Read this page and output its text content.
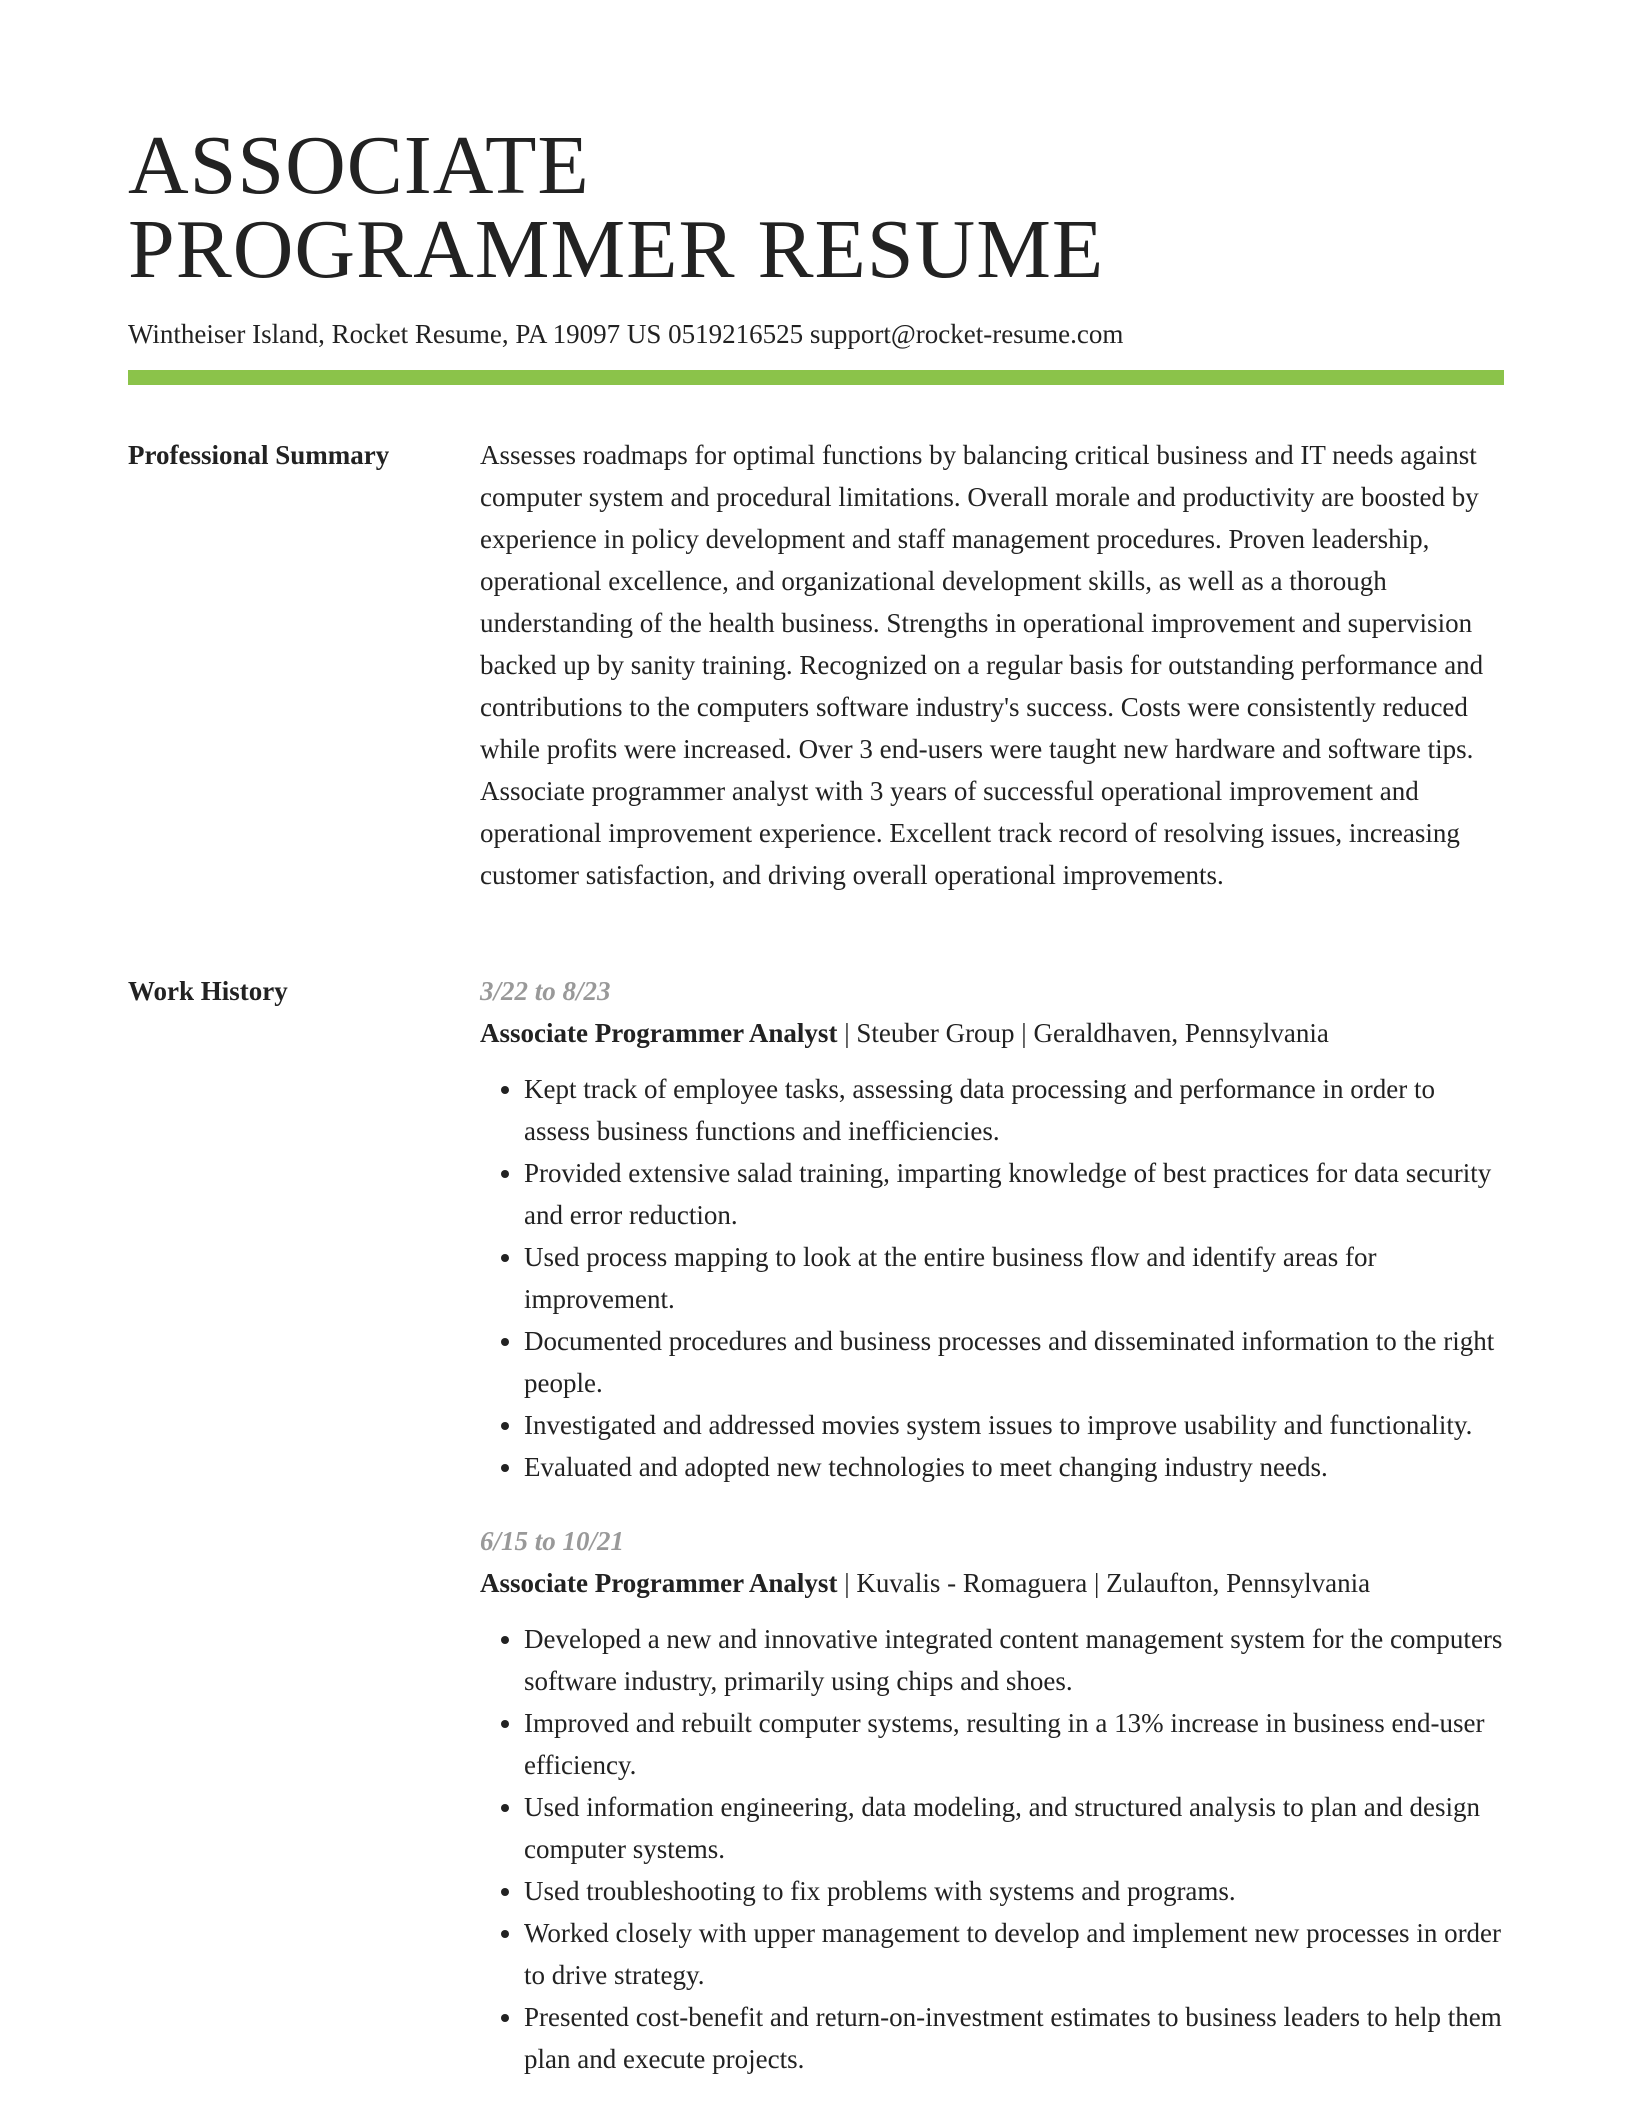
ASSOCIATE
PROGRAMMER RESUME
Wintheiser Island, Rocket Resume, PA 19097 US 0519216525 support@rocket-resume.com
Professional Summary	Assesses roadmaps for optimal functions by balancing critical business and IT needs against computer system and procedural limitations. Overall morale and productivity are boosted by experience in policy development and staff management procedures. Proven leadership, operational excellence, and organizational development skills, as well as a thorough understanding of the health business. Strengths in operational improvement and supervision backed up by sanity training. Recognized on a regular basis for outstanding performance and contributions to the computers software industry's success. Costs were consistently reduced while profits were increased. Over 3 end-users were taught new hardware and software tips. Associate programmer analyst with 3 years of successful operational improvement and operational improvement experience. Excellent track record of resolving issues, increasing customer satisfaction, and driving overall operational improvements.

Work History	3/22 to 8/23
Associate Programmer Analyst | Steuber Group | Geraldhaven, Pennsylvania
• Kept track of employee tasks, assessing data processing and performance in order to assess business functions and inefficiencies.
• Provided extensive salad training, imparting knowledge of best practices for data security and error reduction.
• Used process mapping to look at the entire business flow and identify areas for improvement.
• Documented procedures and business processes and disseminated information to the right people.
• Investigated and addressed movies system issues to improve usability and functionality.
• Evaluated and adopted new technologies to meet changing industry needs.
6/15 to 10/21
Associate Programmer Analyst | Kuvalis - Romaguera | Zulaufton, Pennsylvania
• Developed a new and innovative integrated content management system for the computers software industry, primarily using chips and shoes.
• Improved and rebuilt computer systems, resulting in a 13% increase in business end-user efficiency.
• Used information engineering, data modeling, and structured analysis to plan and design computer systems.
• Used troubleshooting to fix problems with systems and programs.
• Worked closely with upper management to develop and implement new processes in order to drive strategy.
• Presented cost-benefit and return-on-investment estimates to business leaders to help them plan and execute projects.
